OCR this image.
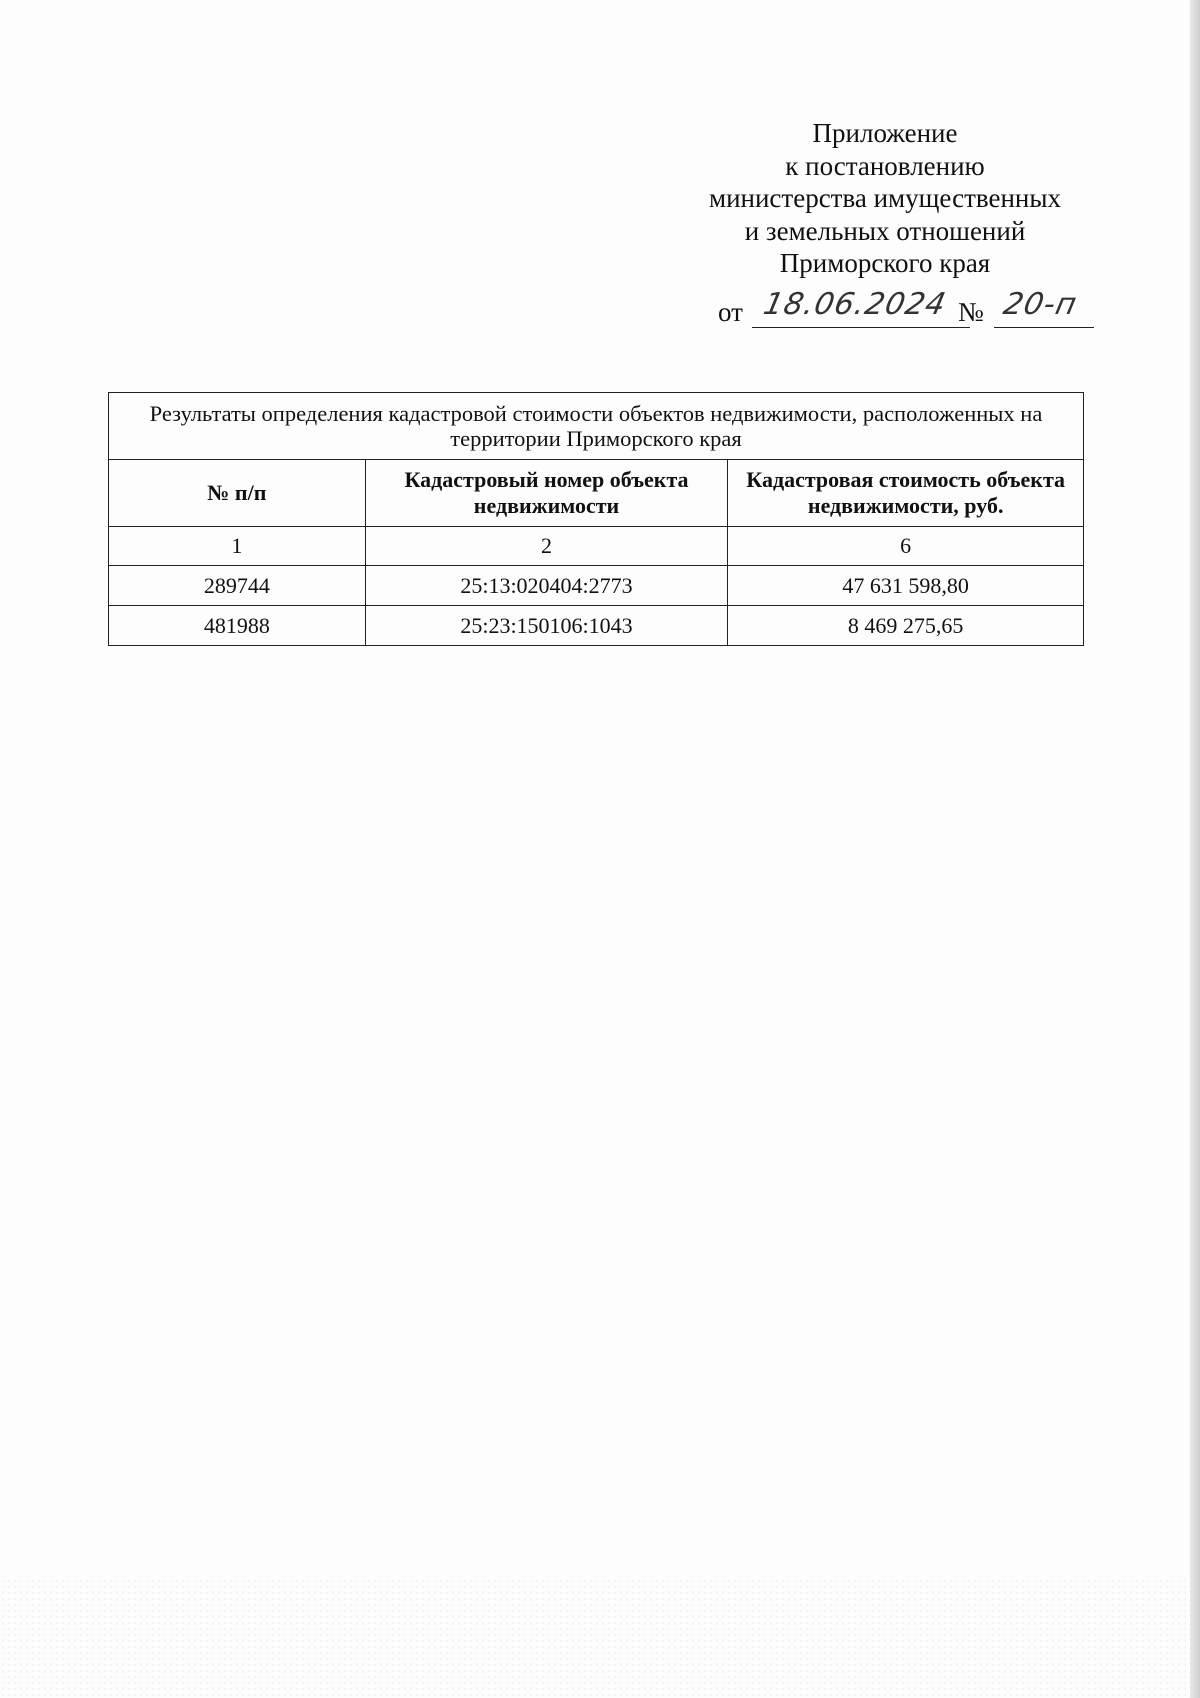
Приложение
к постановлению
министерства имущественных
и земельных отношений
Приморского края
от 18.06.2024 № 20-п
Результаты определения кадастровой стоимости объектов недвижимости, расположенных на территории Приморского края		
№ п/п	Кадастровый номер объекта недвижимости	Кадастровая стоимость объекта недвижимости, руб.
1	2	6
289744	25:13:020404:2773	47 631 598,80
481988	25:23:150106:1043	8 469 275,65
